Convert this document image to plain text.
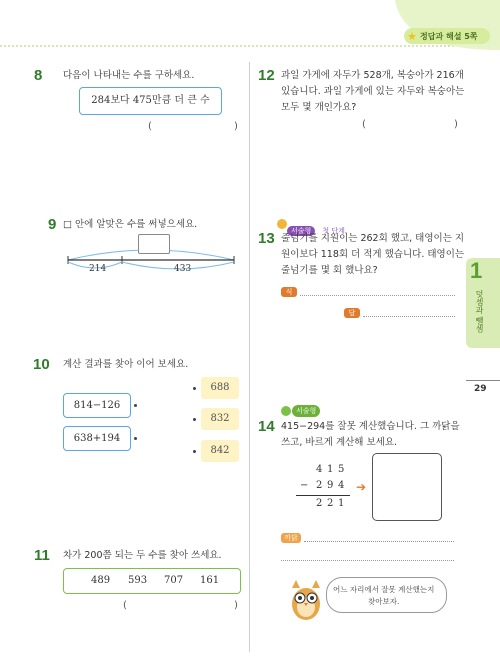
★ 정답과 해설 5쪽
1
덧셈과 뺄셈
29
8 다음이 나타내는 수를 구하세요.
284보다 475만큼 더 큰 수
(	)
9 □ 안에 알맞은 수를 써넣으세요.
214	433
10 계산 결과를 찾아 이어 보세요.
814−126
638+194
688
832
842
11 차가 200쯤 되는 두 수를 찾아 쓰세요.
489 593 707 161
(	)
12 과일 가게에 자두가 528개, 복숭아가 216개
있습니다. 과일 가게에 있는 자두와 복숭아는
모두 몇 개인가요?
(	)
서술형 첫 단계
13 줄넘기를 지원이는 262회 했고, 태영이는 지
원이보다 118회 더 적게 했습니다. 태영이는
줄넘기를 몇 회 했나요?
식
답
서술형
14 415−294를 잘못 계산했습니다. 그 까닭을
쓰고, 바르게 계산해 보세요.
4 1 5
− 2 9 4
2 2 1
➔
까닭
어느 자리에서 잘못 계산했는지
찾아보자.
